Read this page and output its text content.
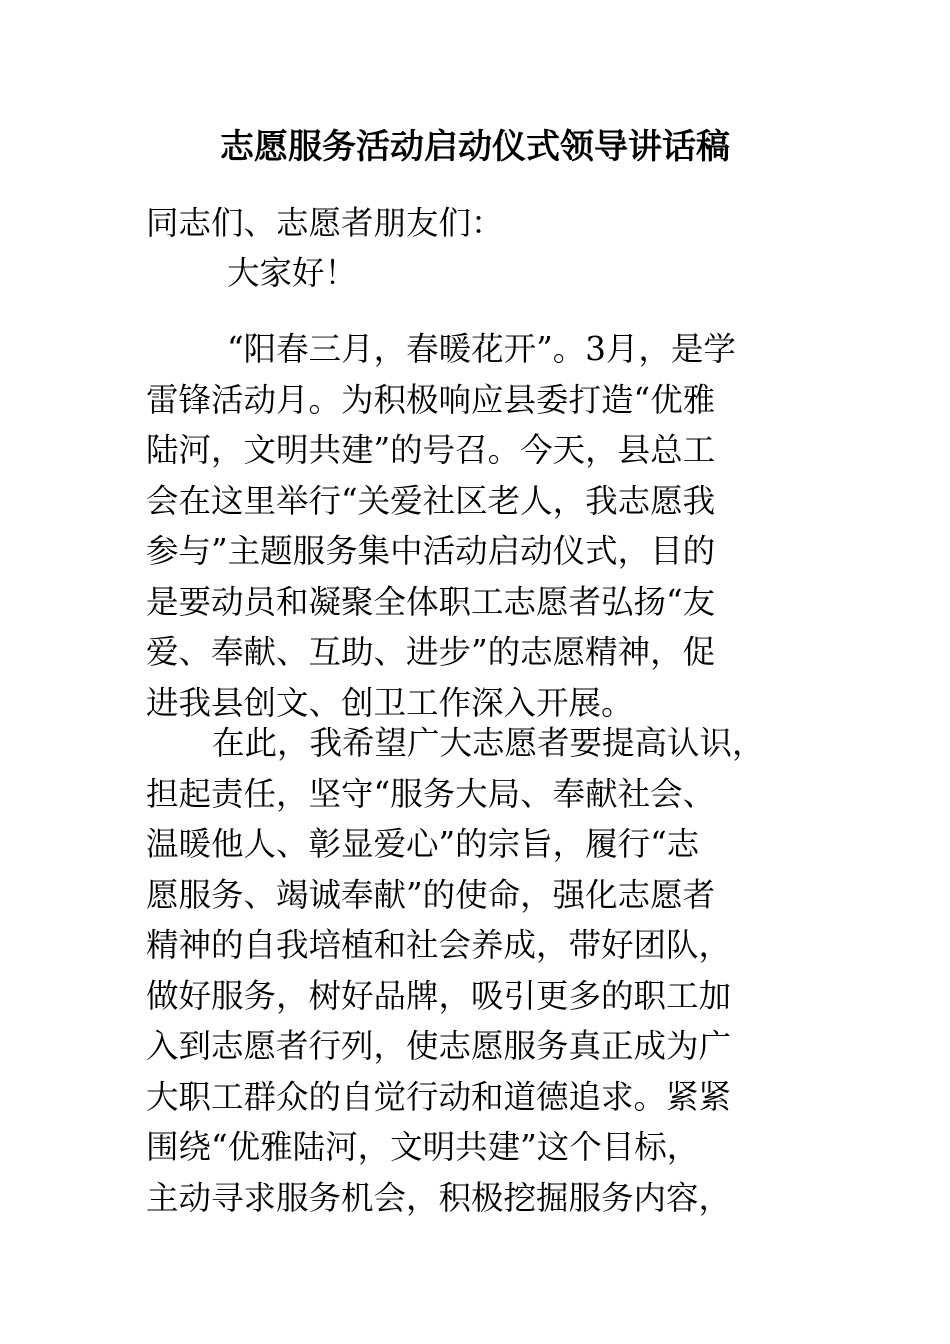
志愿服务活动启动仪式领导讲话稿
同志们、志愿者朋友们：
大家好！
“阳春三月，春暖花开”。3月，是学
雷锋活动月。为积极响应县委打造“优雅
陆河，文明共建”的号召。今天，县总工
会在这里举行“关爱社区老人，我志愿我
参与”主题服务集中活动启动仪式，目的
是要动员和凝聚全体职工志愿者弘扬“友
爱、奉献、互助、进步”的志愿精神，促
进我县创文、创卫工作深入开展。
在此，我希望广大志愿者要提高认识，
担起责任，坚守“服务大局、奉献社会、
温暖他人、彰显爱心”的宗旨，履行“志
愿服务、竭诚奉献”的使命，强化志愿者
精神的自我培植和社会养成，带好团队，
做好服务，树好品牌，吸引更多的职工加
入到志愿者行列，使志愿服务真正成为广
大职工群众的自觉行动和道德追求。紧紧
围绕“优雅陆河，文明共建”这个目标，
主动寻求服务机会，积极挖掘服务内容，
